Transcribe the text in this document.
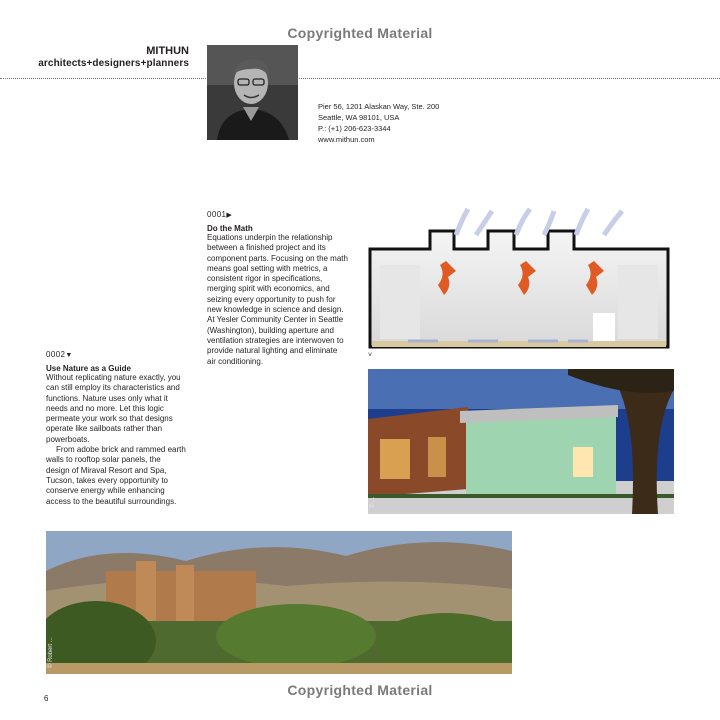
Copyrighted Material
Copyrighted Material
MITHUN
architects+designers+planners
Pier 56, 1201 Alaskan Way, Ste. 200
Seattle, WA 98101, USA
P.: (+1) 206-623-3344
www.mithun.com
0001▶
Do the Math
Equations underpin the relationship
between a finished project and its
component parts. Focusing on the math
means goal setting with metrics, a
consistent rigor in specifications,
merging spirit with economics, and
seizing every opportunity to push for
new knowledge in science and design.
At Yesler Community Center in Seattle
(Washington), building aperture and
ventilation strategies are interwoven to
provide natural lighting and eliminate
air conditioning.
0002▼
Use Nature as a Guide
Without replicating nature exactly, you
can still employ its characteristics and
functions. Nature uses only what it
needs and no more. Let this logic
permeate your work so that designs
operate like sailboats rather than
powerboats.
From adobe brick and rammed earth
walls to rooftop solar panels, the
design of Miraval Resort and Spa,
Tucson, takes every opportunity to
conserve energy while enhancing
access to the beautiful surroundings.
˅
© ...
© Robert ...
6
